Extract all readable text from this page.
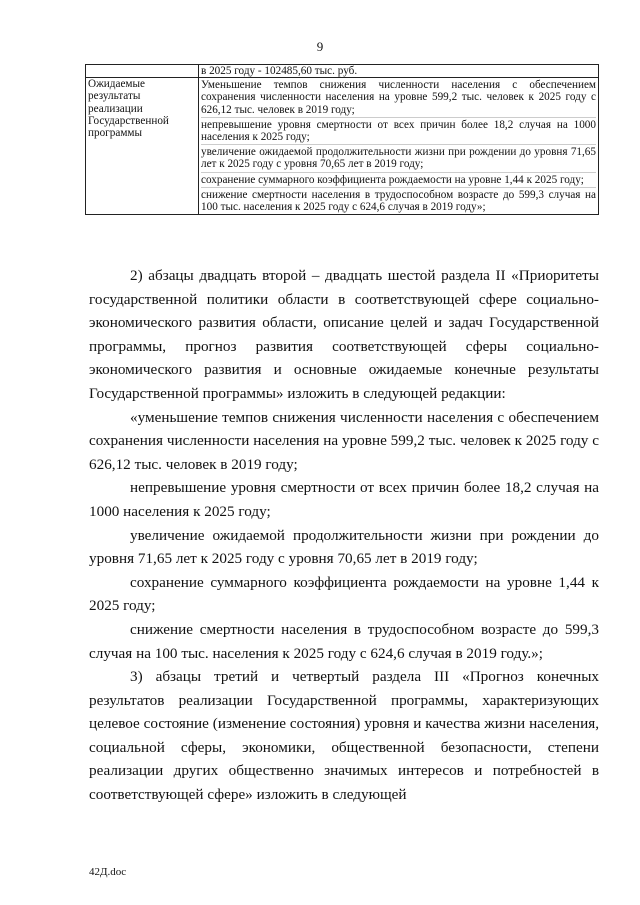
9
	в 2025 году - 102485,60 тыс. руб.
Ожидаемые результаты реализации Государственной программы	Уменьшение темпов снижения численности населения с обеспечением сохранения численности населения на уровне 599,2 тыс. человек к 2025 году с 626,12 тыс. человек в 2019 году;
непревышение уровня смертности от всех причин более 18,2 случая на 1000 населения к 2025 году;
увеличение ожидаемой продолжительности жизни при рождении до уровня 71,65 лет к 2025 году с уровня 70,65 лет в 2019 году;
сохранение суммарного коэффициента рождаемости на уровне 1,44 к 2025 году;
снижение смертности населения в трудоспособном возрасте до 599,3 случая на 100 тыс. населения к 2025 году с 624,6 случая в 2019 году»;

2) абзацы двадцать второй – двадцать шестой раздела II «Приоритеты государственной политики области в соответствующей сфере социально-экономического развития области, описание целей и задач Государственной программы, прогноз развития соответствующей сферы социально-экономического развития и основные ожидаемые конечные результаты Государственной программы» изложить в следующей редакции:

«уменьшение темпов снижения численности населения с обеспечением сохранения численности населения на уровне 599,2 тыс. человек к 2025 году с 626,12 тыс. человек в 2019 году;

непревышение уровня смертности от всех причин более 18,2 случая на 1000 населения к 2025 году;

увеличение ожидаемой продолжительности жизни при рождении до уровня 71,65 лет к 2025 году с уровня 70,65 лет в 2019 году;

сохранение суммарного коэффициента рождаемости на уровне 1,44 к 2025 году;

снижение смертности населения в трудоспособном возрасте до 599,3 случая на 100 тыс. населения к 2025 году с 624,6 случая в 2019 году.»;

3) абзацы третий и четвертый раздела III «Прогноз конечных результатов реализации Государственной программы, характеризующих целевое состояние (изменение состояния) уровня и качества жизни населения, социальной сферы, экономики, общественной безопасности, степени реализации других общественно значимых интересов и потребностей в соответствующей сфере» изложить в следующей

42Д.doc
